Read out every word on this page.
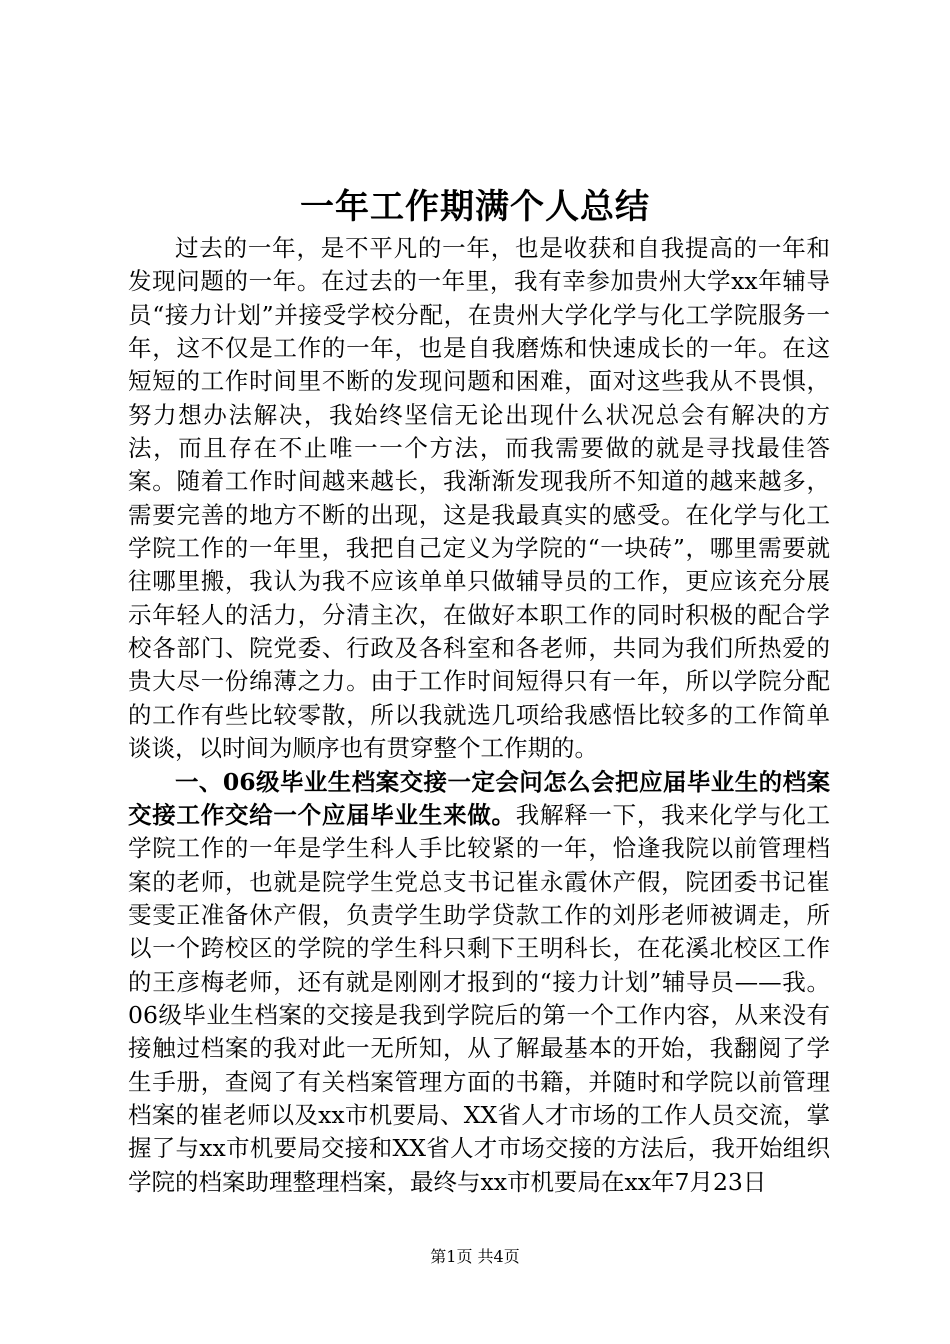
一年工作期满个人总结

过去的一年，是不平凡的一年，也是收获和自我提高的一年和发现问题的一年。在过去的一年里，我有幸参加贵州大学xx年辅导员“接力计划”并接受学校分配，在贵州大学化学与化工学院服务一年，这不仅是工作的一年，也是自我磨炼和快速成长的一年。在这短短的工作时间里不断的发现问题和困难，面对这些我从不畏惧，努力想办法解决，我始终坚信无论出现什么状况总会有解决的方法，而且存在不止唯一一个方法，而我需要做的就是寻找最佳答案。随着工作时间越来越长，我渐渐发现我所不知道的越来越多，需要完善的地方不断的出现，这是我最真实的感受。在化学与化工学院工作的一年里，我把自己定义为学院的“一块砖”，哪里需要就往哪里搬，我认为我不应该单单只做辅导员的工作，更应该充分展示年轻人的活力，分清主次，在做好本职工作的同时积极的配合学校各部门、院党委、行政及各科室和各老师，共同为我们所热爱的贵大尽一份绵薄之力。由于工作时间短得只有一年，所以学院分配的工作有些比较零散，所以我就选几项给我感悟比较多的工作简单谈谈，以时间为顺序也有贯穿整个工作期的。

一、06级毕业生档案交接一定会问怎么会把应届毕业生的档案交接工作交给一个应届毕业生来做。我解释一下，我来化学与化工学院工作的一年是学生科人手比较紧的一年，恰逢我院以前管理档案的老师，也就是院学生党总支书记崔永霞休产假，院团委书记崔雯雯正准备休产假，负责学生助学贷款工作的刘彤老师被调走，所以一个跨校区的学院的学生科只剩下王明科长，在花溪北校区工作的王彦梅老师，还有就是刚刚才报到的“接力计划”辅导员——我。06级毕业生档案的交接是我到学院后的第一个工作内容，从来没有接触过档案的我对此一无所知，从了解最基本的开始，我翻阅了学生手册，查阅了有关档案管理方面的书籍，并随时和学院以前管理档案的崔老师以及xx市机要局、XX省人才市场的工作人员交流，掌握了与xx市机要局交接和XX省人才市场交接的方法后，我开始组织学院的档案助理整理档案，最终与xx市机要局在xx年7月23日

第1页 共4页
